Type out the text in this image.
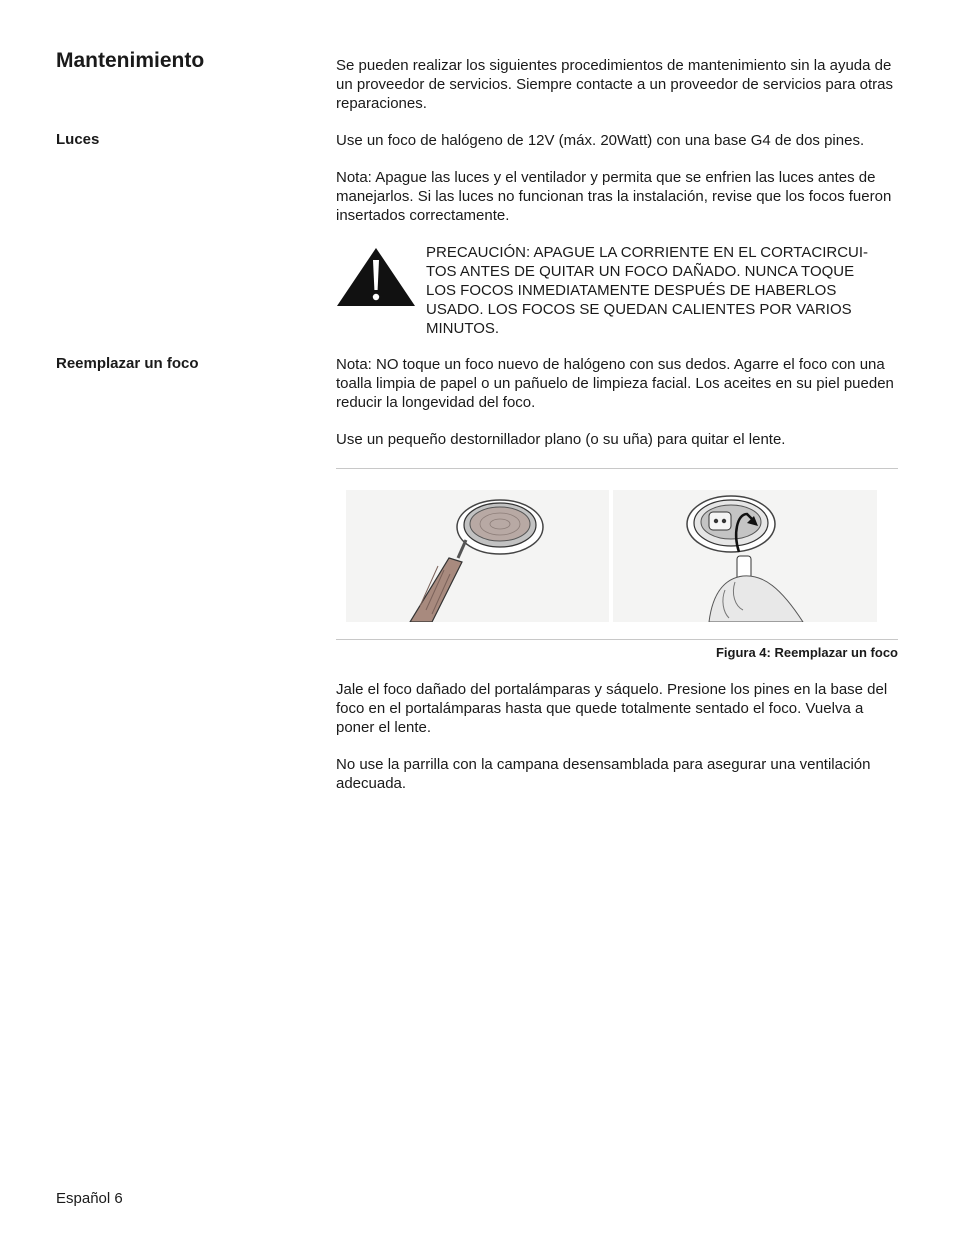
Mantenimiento	Se pueden realizar los siguientes procedimientos de mantenimiento sin la ayuda de un proveedor de servicios. Siempre contacte a un proveedor de servicios para otras reparaciones.
Luces	Use un foco de halógeno de 12V (máx. 20Watt) con una base G4 de dos pines.
Nota: Apague las luces y el ventilador y permita que se enfrien las luces antes de manejarlos. Si las luces no funcionan tras la instalación, revise que los focos fueron insertados correctamente.
PRECAUCIÓN: APAGUE LA CORRIENTE EN EL CORTACIRCUI-
TOS ANTES DE QUITAR UN FOCO DAÑADO. NUNCA TOQUE
LOS FOCOS INMEDIATAMENTE DESPUÉS DE HABERLOS
USADO. LOS FOCOS SE QUEDAN CALIENTES POR VARIOS
MINUTOS.
Reemplazar un foco	Nota: NO toque un foco nuevo de halógeno con sus dedos. Agarre el foco con una toalla limpia de papel o un pañuelo de limpieza facial. Los aceites en su piel pueden reducir la longevidad del foco.
Use un pequeño destornillador plano (o su uña) para quitar el lente.
Figura 4: Reemplazar un foco
Jale el foco dañado del portalámparas y sáquelo. Presione los pines en la base del foco en el portalámparas hasta que quede totalmente sentado el foco. Vuelva a poner el lente.
No use la parrilla con la campana desensamblada para asegurar una ventilación adecuada.
Español 6
